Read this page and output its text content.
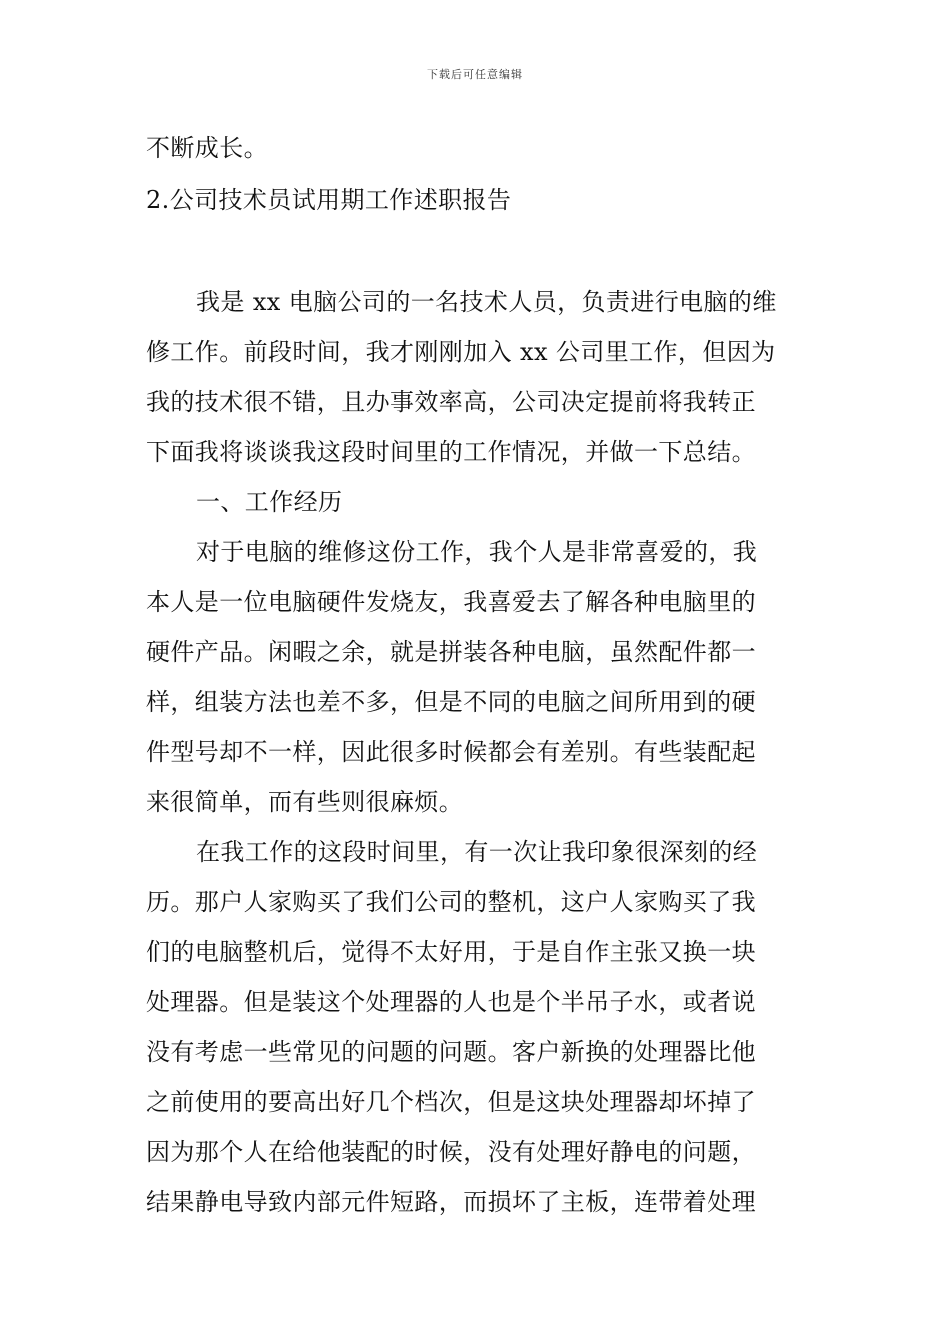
下载后可任意编辑
不断成长。
2.公司技术员试用期工作述职报告
我是 xx 电脑公司的一名技术人员，负责进行电脑的维
修工作。前段时间，我才刚刚加入 xx 公司里工作，但因为
我的技术很不错，且办事效率高，公司决定提前将我转正
下面我将谈谈我这段时间里的工作情况，并做一下总结。
一、工作经历
对于电脑的维修这份工作，我个人是非常喜爱的，我
本人是一位电脑硬件发烧友，我喜爱去了解各种电脑里的
硬件产品。闲暇之余，就是拼装各种电脑，虽然配件都一
样，组装方法也差不多，但是不同的电脑之间所用到的硬
件型号却不一样，因此很多时候都会有差别。有些装配起
来很简单，而有些则很麻烦。
在我工作的这段时间里，有一次让我印象很深刻的经
历。那户人家购买了我们公司的整机，这户人家购买了我
们的电脑整机后，觉得不太好用，于是自作主张又换一块
处理器。但是装这个处理器的人也是个半吊子水，或者说
没有考虑一些常见的问题的问题。客户新换的处理器比他
之前使用的要高出好几个档次，但是这块处理器却坏掉了
因为那个人在给他装配的时候，没有处理好静电的问题，
结果静电导致内部元件短路，而损坏了主板，连带着处理
